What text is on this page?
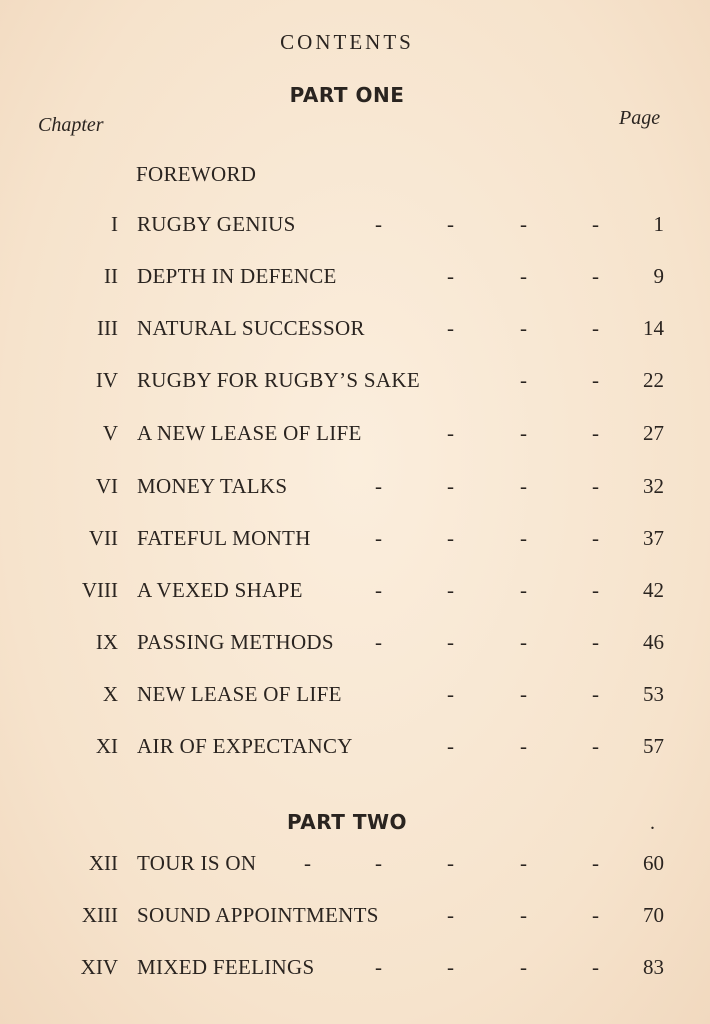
CONTENTS
PART ONE
Chapter	Page
FOREWORD
I RUGBY GENIUS	-	-	-	-	1
II DEPTH IN DEFENCE	-	-	-	9
III NATURAL SUCCESSOR	-	-	- 14
IV RUGBY FOR RUGBY’S SAKE	-	- 22
V A NEW LEASE OF LIFE	-	-	- 27
VI MONEY TALKS	-	-	-	- 32
VII FATEFUL MONTH	-	-	-	- 37
VIII A VEXED SHAPE	-	-	-	- 42
IX PASSING METHODS -	-	-	- 46
X NEW LEASE OF LIFE	-	-	- 53
XI AIR OF EXPECTANCY	-	-	- 57
PART TWO	.
XII TOUR IS ON -	-	-	-	- 60
XIII SOUND APPOINTMENTS	-	-	- 70
XIV MIXED FEELINGS	-	-	-	- 83
